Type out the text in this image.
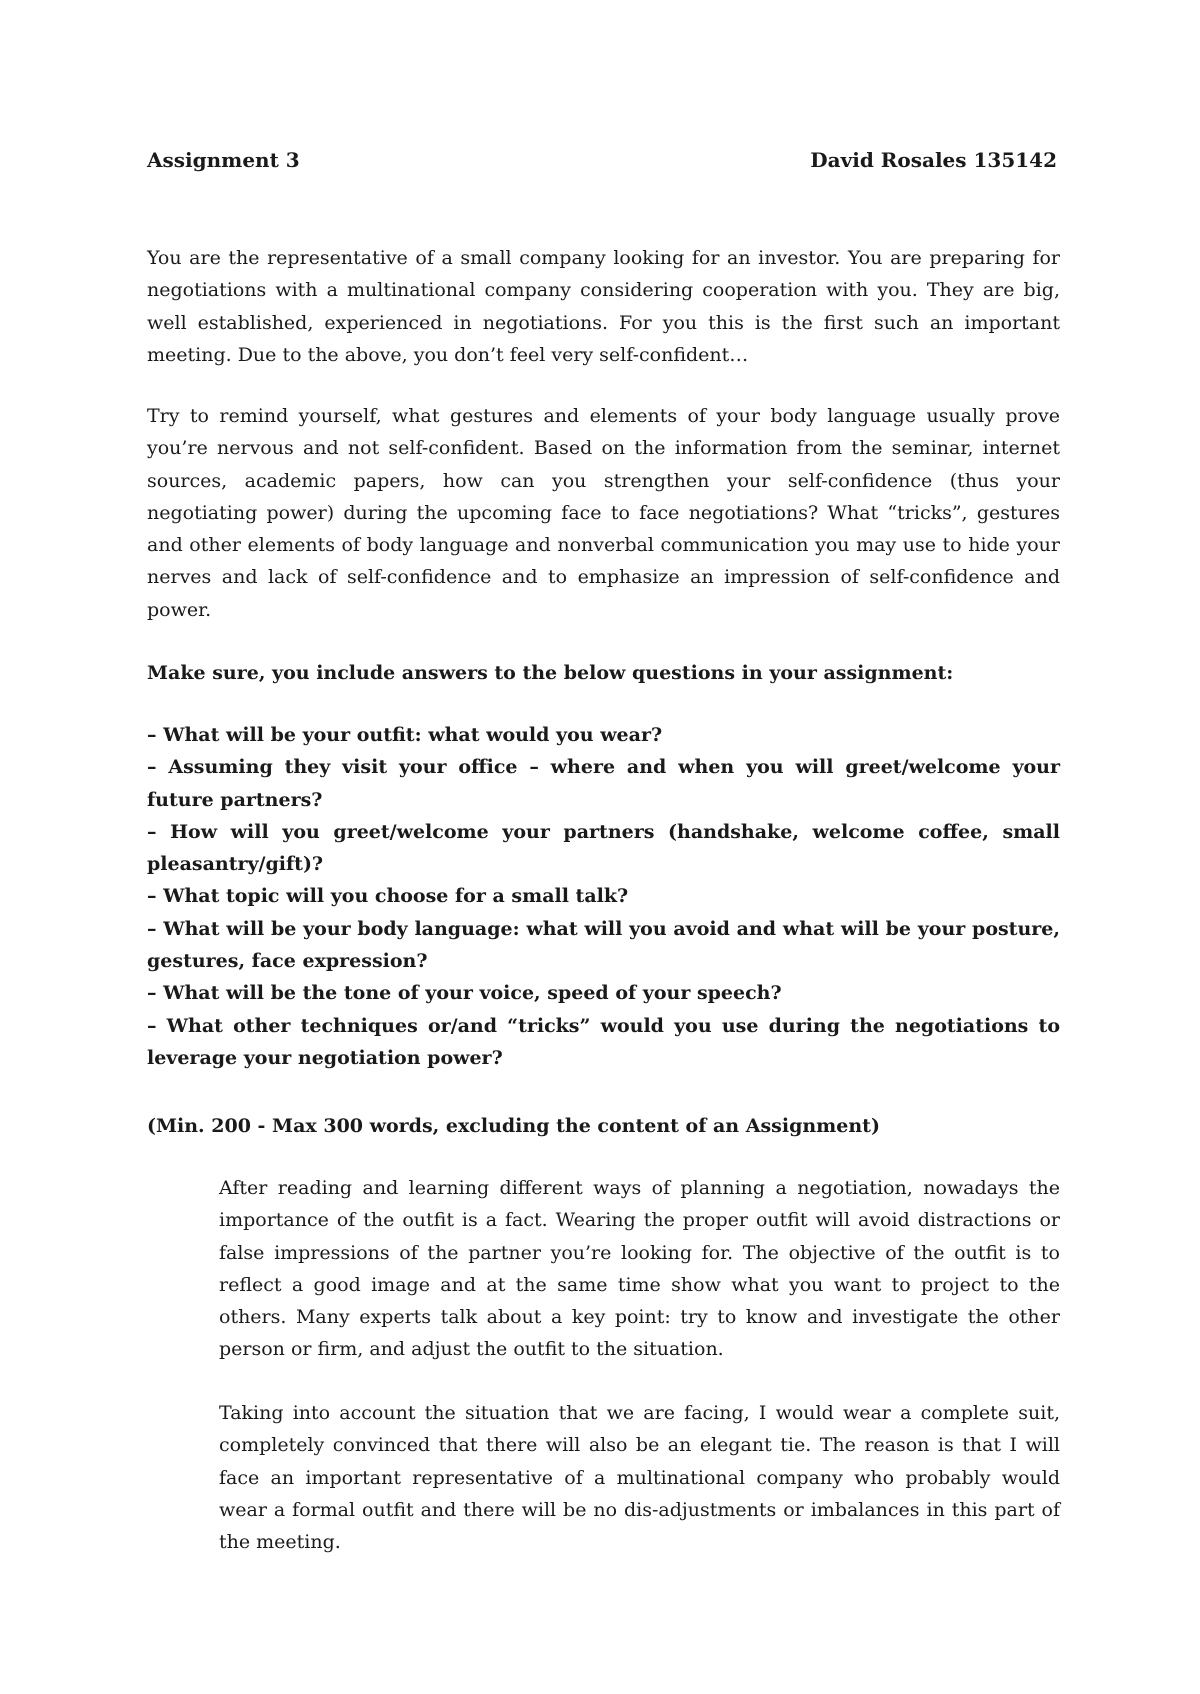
Assignment 3	David Rosales 135142

You are the representative of a small company looking for an investor. You are preparing for negotiations with a multinational company considering cooperation with you. They are big, well established, experienced in negotiations. For you this is the first such an important meeting. Due to the above, you don’t feel very self-confident…

Try to remind yourself, what gestures and elements of your body language usually prove you’re nervous and not self-confident. Based on the information from the seminar, internet sources, academic papers, how can you strengthen your self-confidence (thus your negotiating power) during the upcoming face to face negotiations? What “tricks”, gestures and other elements of body language and nonverbal communication you may use to hide your nerves and lack of self-confidence and to emphasize an impression of self-confidence and power.

Make sure, you include answers to the below questions in your assignment:

– What will be your outfit: what would you wear?
– Assuming they visit your office – where and when you will greet/welcome your future partners?
– How will you greet/welcome your partners (handshake, welcome coffee, small pleasantry/gift)?
– What topic will you choose for a small talk?
– What will be your body language: what will you avoid and what will be your posture, gestures, face expression?
– What will be the tone of your voice, speed of your speech?
– What other techniques or/and “tricks” would you use during the negotiations to leverage your negotiation power?

(Min. 200 - Max 300 words, excluding the content of an Assignment)

After reading and learning different ways of planning a negotiation, nowadays the importance of the outfit is a fact. Wearing the proper outfit will avoid distractions or false impressions of the partner you’re looking for. The objective of the outfit is to reflect a good image and at the same time show what you want to project to the others. Many experts talk about a key point: try to know and investigate the other person or firm, and adjust the outfit to the situation.

Taking into account the situation that we are facing, I would wear a complete suit, completely convinced that there will also be an elegant tie. The reason is that I will face an important representative of a multinational company who probably would wear a formal outfit and there will be no dis-adjustments or imbalances in this part of the meeting.
